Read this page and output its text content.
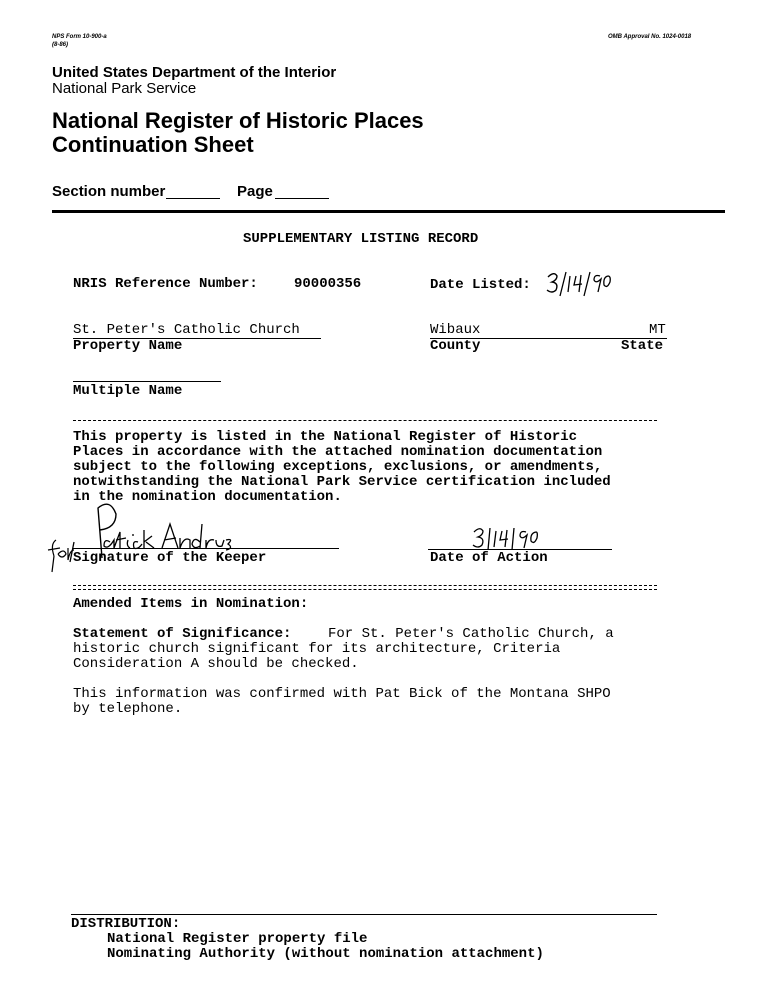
NPS Form 10-900-a
(8-86)
OMB Approval No. 1024-0018
United States Department of the Interior
National Park Service
National Register of Historic Places
Continuation Sheet
Section number	Page
SUPPLEMENTARY LISTING RECORD
NRIS Reference Number:	90000356	Date Listed:
St. Peter's Catholic Church
Property Name
Wibaux
County
MT
State
Multiple Name
This property is listed in the National Register of Historic
Places in accordance with the attached nomination documentation
subject to the following exceptions, exclusions, or amendments,
notwithstanding the National Park Service certification included
in the nomination documentation.
Signature of the Keeper	Date of Action
Amended Items in Nomination:
Statement of Significance:	For St. Peter's Catholic Church, a
historic church significant for its architecture, Criteria
Consideration A should be checked.
This information was confirmed with Pat Bick of the Montana SHPO
by telephone.
DISTRIBUTION:
National Register property file
Nominating Authority (without nomination attachment)
